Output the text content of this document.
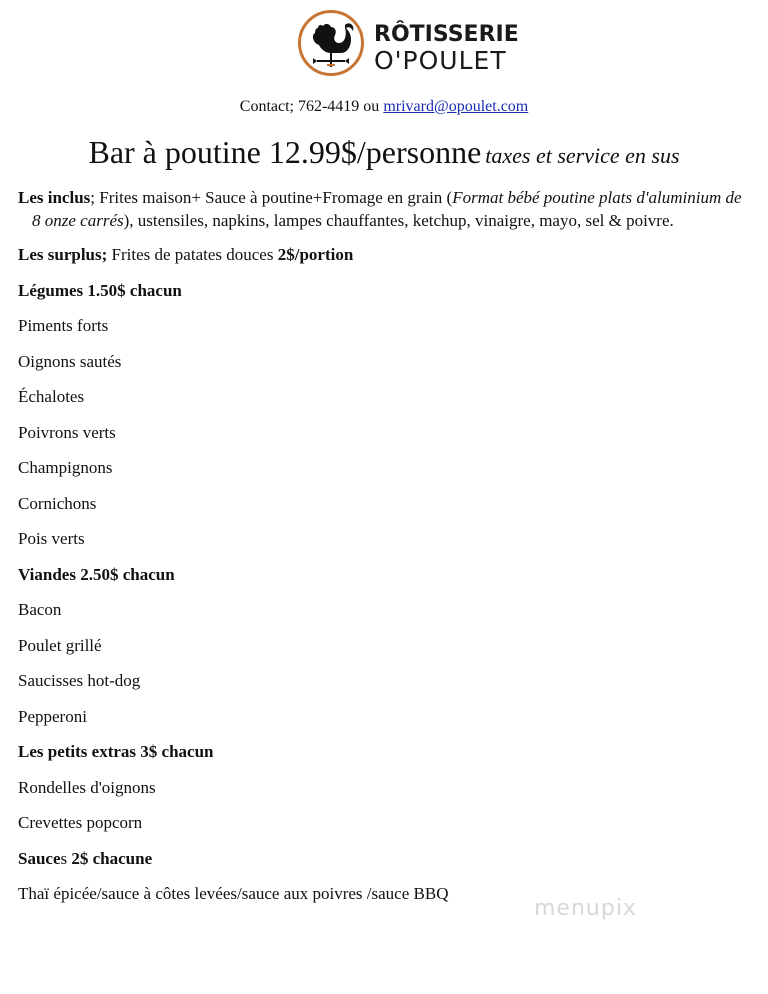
RÔTISSERIE
O'POULET
Contact; 762-4419 ou mrivard@opoulet.com
Bar à poutine 12.99$/personne taxes et service en sus

Les inclus; Frites maison+ Sauce à poutine+Fromage en grain (Format bébé poutine plats d'aluminium de 8 onze carrés), ustensiles, napkins, lampes chauffantes, ketchup, vinaigre, mayo, sel & poivre.

Les surplus; Frites de patates douces 2$/portion
Légumes 1.50$ chacun
Piments forts
Oignons sautés
Échalotes
Poivrons verts
Champignons
Cornichons
Pois verts
Viandes 2.50$ chacun
Bacon
Poulet grillé
Saucisses hot-dog
Pepperoni
Les petits extras 3$ chacun
Rondelles d'oignons
Crevettes popcorn
Sauces 2$ chacune
Thaï épicée/sauce à côtes levées/sauce aux poivres /sauce BBQ
menupix
